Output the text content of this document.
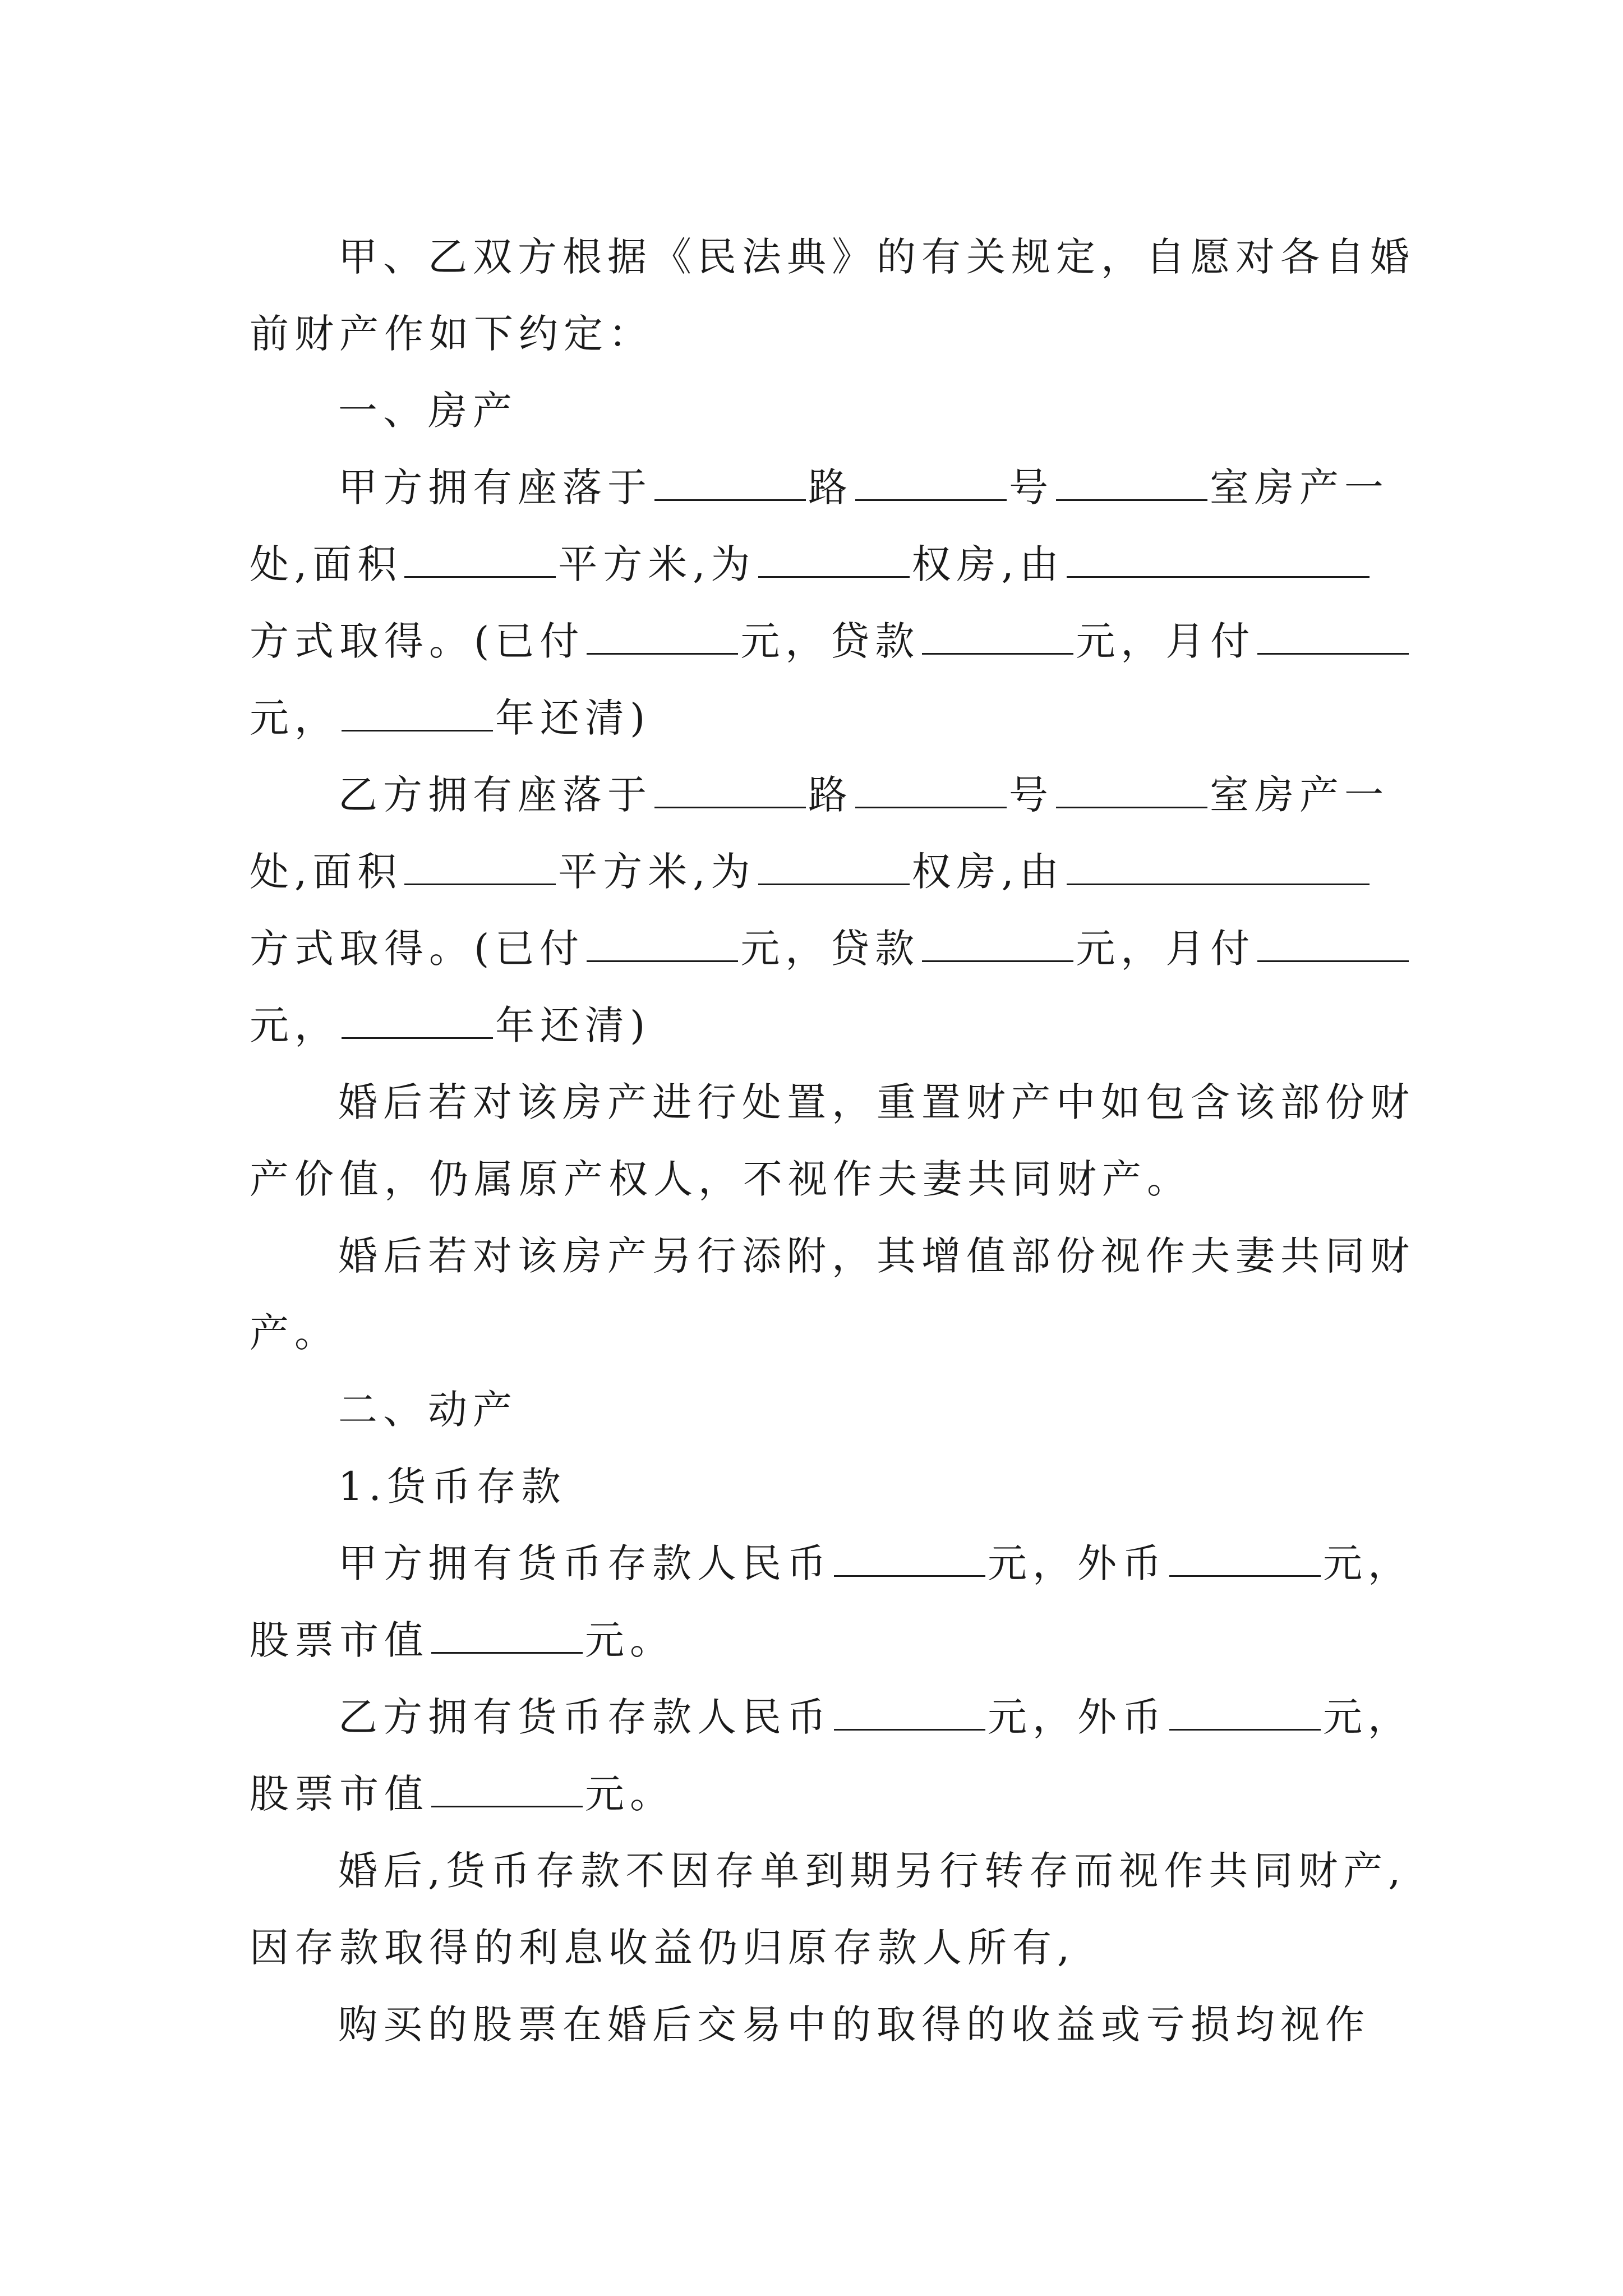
甲、乙双方根据《民法典》的有关规定，自愿对各自婚
前财产作如下约定：
一、房产
甲方拥有座落于	路	号	室房产一
处,面积	平方米,为	权房,由
方式取得。(已付	元，贷款	元，月付
元，	年还清)
乙方拥有座落于	路	号	室房产一
处,面积	平方米,为	权房,由
方式取得。(已付	元，贷款	元，月付
元，	年还清)
婚后若对该房产进行处置，重置财产中如包含该部份财
产价值，仍属原产权人，不视作夫妻共同财产。
婚后若对该房产另行添附，其增值部份视作夫妻共同财
产。
二、动产
1.货币存款
甲方拥有货币存款人民币	元，外币	元，
股票市值	元。
乙方拥有货币存款人民币	元，外币	元，
股票市值	元。
婚后,货币存款不因存单到期另行转存而视作共同财产,
因存款取得的利息收益仍归原存款人所有,
购买的股票在婚后交易中的取得的收益或亏损均视作
